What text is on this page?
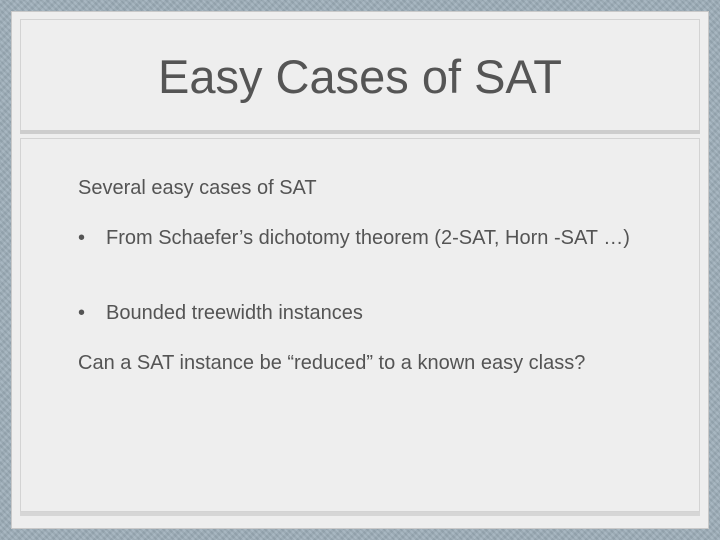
Easy Cases of SAT
Several easy cases of SAT
• From Schaefer’s dichotomy theorem (2-SAT, Horn -SAT …)
• Bounded treewidth instances
Can a SAT instance be “reduced” to a known easy class?
